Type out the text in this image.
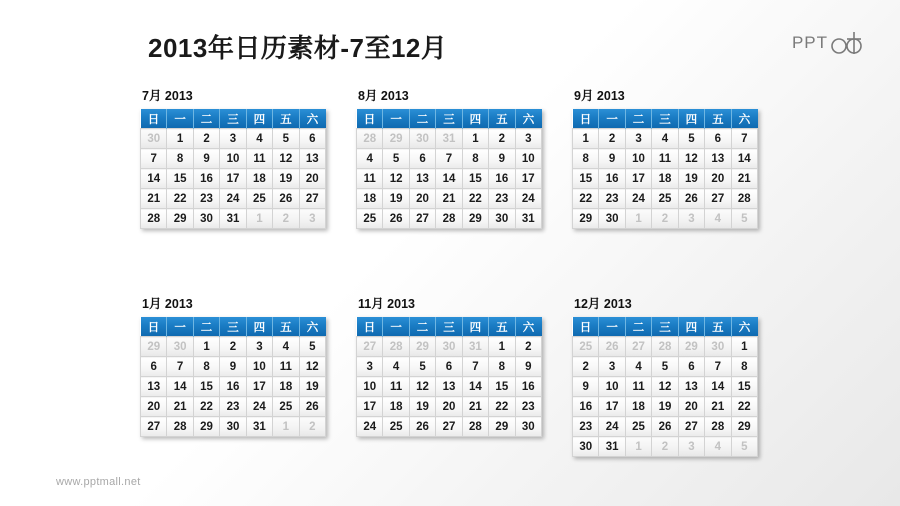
2013年日历素材-7至12月	PPT
7月 2013
日	一	二	三	四	五	六
30	1	2	3	4	5	6
7	8	9	10	11	12	13
14	15	16	17	18	19	20
21	22	23	24	25	26	27
28	29	30	31	1	2	3
8月 2013
日	一	二	三	四	五	六
28	29	30	31	1	2	3
4	5	6	7	8	9	10
11	12	13	14	15	16	17
18	19	20	21	22	23	24
25	26	27	28	29	30	31
9月 2013
日	一	二	三	四	五	六
1	2	3	4	5	6	7
8	9	10	11	12	13	14
15	16	17	18	19	20	21
22	23	24	25	26	27	28
29	30	1	2	3	4	5
1月 2013
日	一	二	三	四	五	六
29	30	1	2	3	4	5
6	7	8	9	10	11	12
13	14	15	16	17	18	19
20	21	22	23	24	25	26
27	28	29	30	31	1	2
11月 2013
日	一	二	三	四	五	六
27	28	29	30	31	1	2
3	4	5	6	7	8	9
10	11	12	13	14	15	16
17	18	19	20	21	22	23
24	25	26	27	28	29	30
12月 2013
日	一	二	三	四	五	六
25	26	27	28	29	30	1
2	3	4	5	6	7	8
9	10	11	12	13	14	15
16	17	18	19	20	21	22
23	24	25	26	27	28	29
30	31	1	2	3	4	5
www.pptmall.net
